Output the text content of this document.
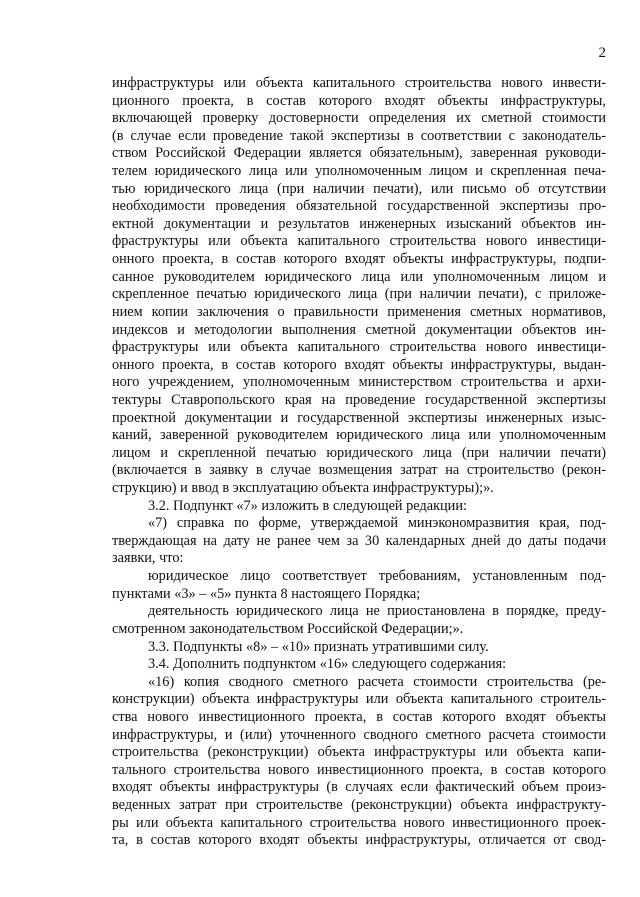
2
инфраструктуры или объекта капитального строительства нового инвести-
ционного проекта, в состав которого входят объекты инфраструктуры,
включающей проверку достоверности определения их сметной стоимости
(в случае если проведение такой экспертизы в соответствии с законодатель-
ством Российской Федерации является обязательным), заверенная руководи-
телем юридического лица или уполномоченным лицом и скрепленная печа-
тью юридического лица (при наличии печати), или письмо об отсутствии
необходимости проведения обязательной государственной экспертизы про-
ектной документации и результатов инженерных изысканий объектов ин-
фраструктуры или объекта капитального строительства нового инвестици-
онного проекта, в состав которого входят объекты инфраструктуры, подпи-
санное руководителем юридического лица или уполномоченным лицом и
скрепленное печатью юридического лица (при наличии печати), с приложе-
нием копии заключения о правильности применения сметных нормативов,
индексов и методологии выполнения сметной документации объектов ин-
фраструктуры или объекта капитального строительства нового инвестици-
онного проекта, в состав которого входят объекты инфраструктуры, выдан-
ного учреждением, уполномоченным министерством строительства и архи-
тектуры Ставропольского края на проведение государственной экспертизы
проектной документации и государственной экспертизы инженерных изыс-
каний, заверенной руководителем юридического лица или уполномоченным
лицом и скрепленной печатью юридического лица (при наличии печати)
(включается в заявку в случае возмещения затрат на строительство (рекон-
струкцию) и ввод в эксплуатацию объекта инфраструктуры);».
3.2. Подпункт «7» изложить в следующей редакции:
«7) справка по форме, утверждаемой минэкономразвития края, под-
тверждающая на дату не ранее чем за 30 календарных дней до даты подачи
заявки, что:
юридическое лицо соответствует требованиям, установленным под-
пунктами «3» – «5» пункта 8 настоящего Порядка;
деятельность юридического лица не приостановлена в порядке, преду-
смотренном законодательством Российской Федерации;».
3.3. Подпункты «8» – «10» признать утратившими силу.
3.4. Дополнить подпунктом «16» следующего содержания:
«16) копия сводного сметного расчета стоимости строительства (ре-
конструкции) объекта инфраструктуры или объекта капитального строитель-
ства нового инвестиционного проекта, в состав которого входят объекты
инфраструктуры, и (или) уточненного сводного сметного расчета стоимости
строительства (реконструкции) объекта инфраструктуры или объекта капи-
тального строительства нового инвестиционного проекта, в состав которого
входят объекты инфраструктуры (в случаях если фактический объем произ-
веденных затрат при строительстве (реконструкции) объекта инфраструкту-
ры или объекта капитального строительства нового инвестиционного проек-
та, в состав которого входят объекты инфраструктуры, отличается от свод-
